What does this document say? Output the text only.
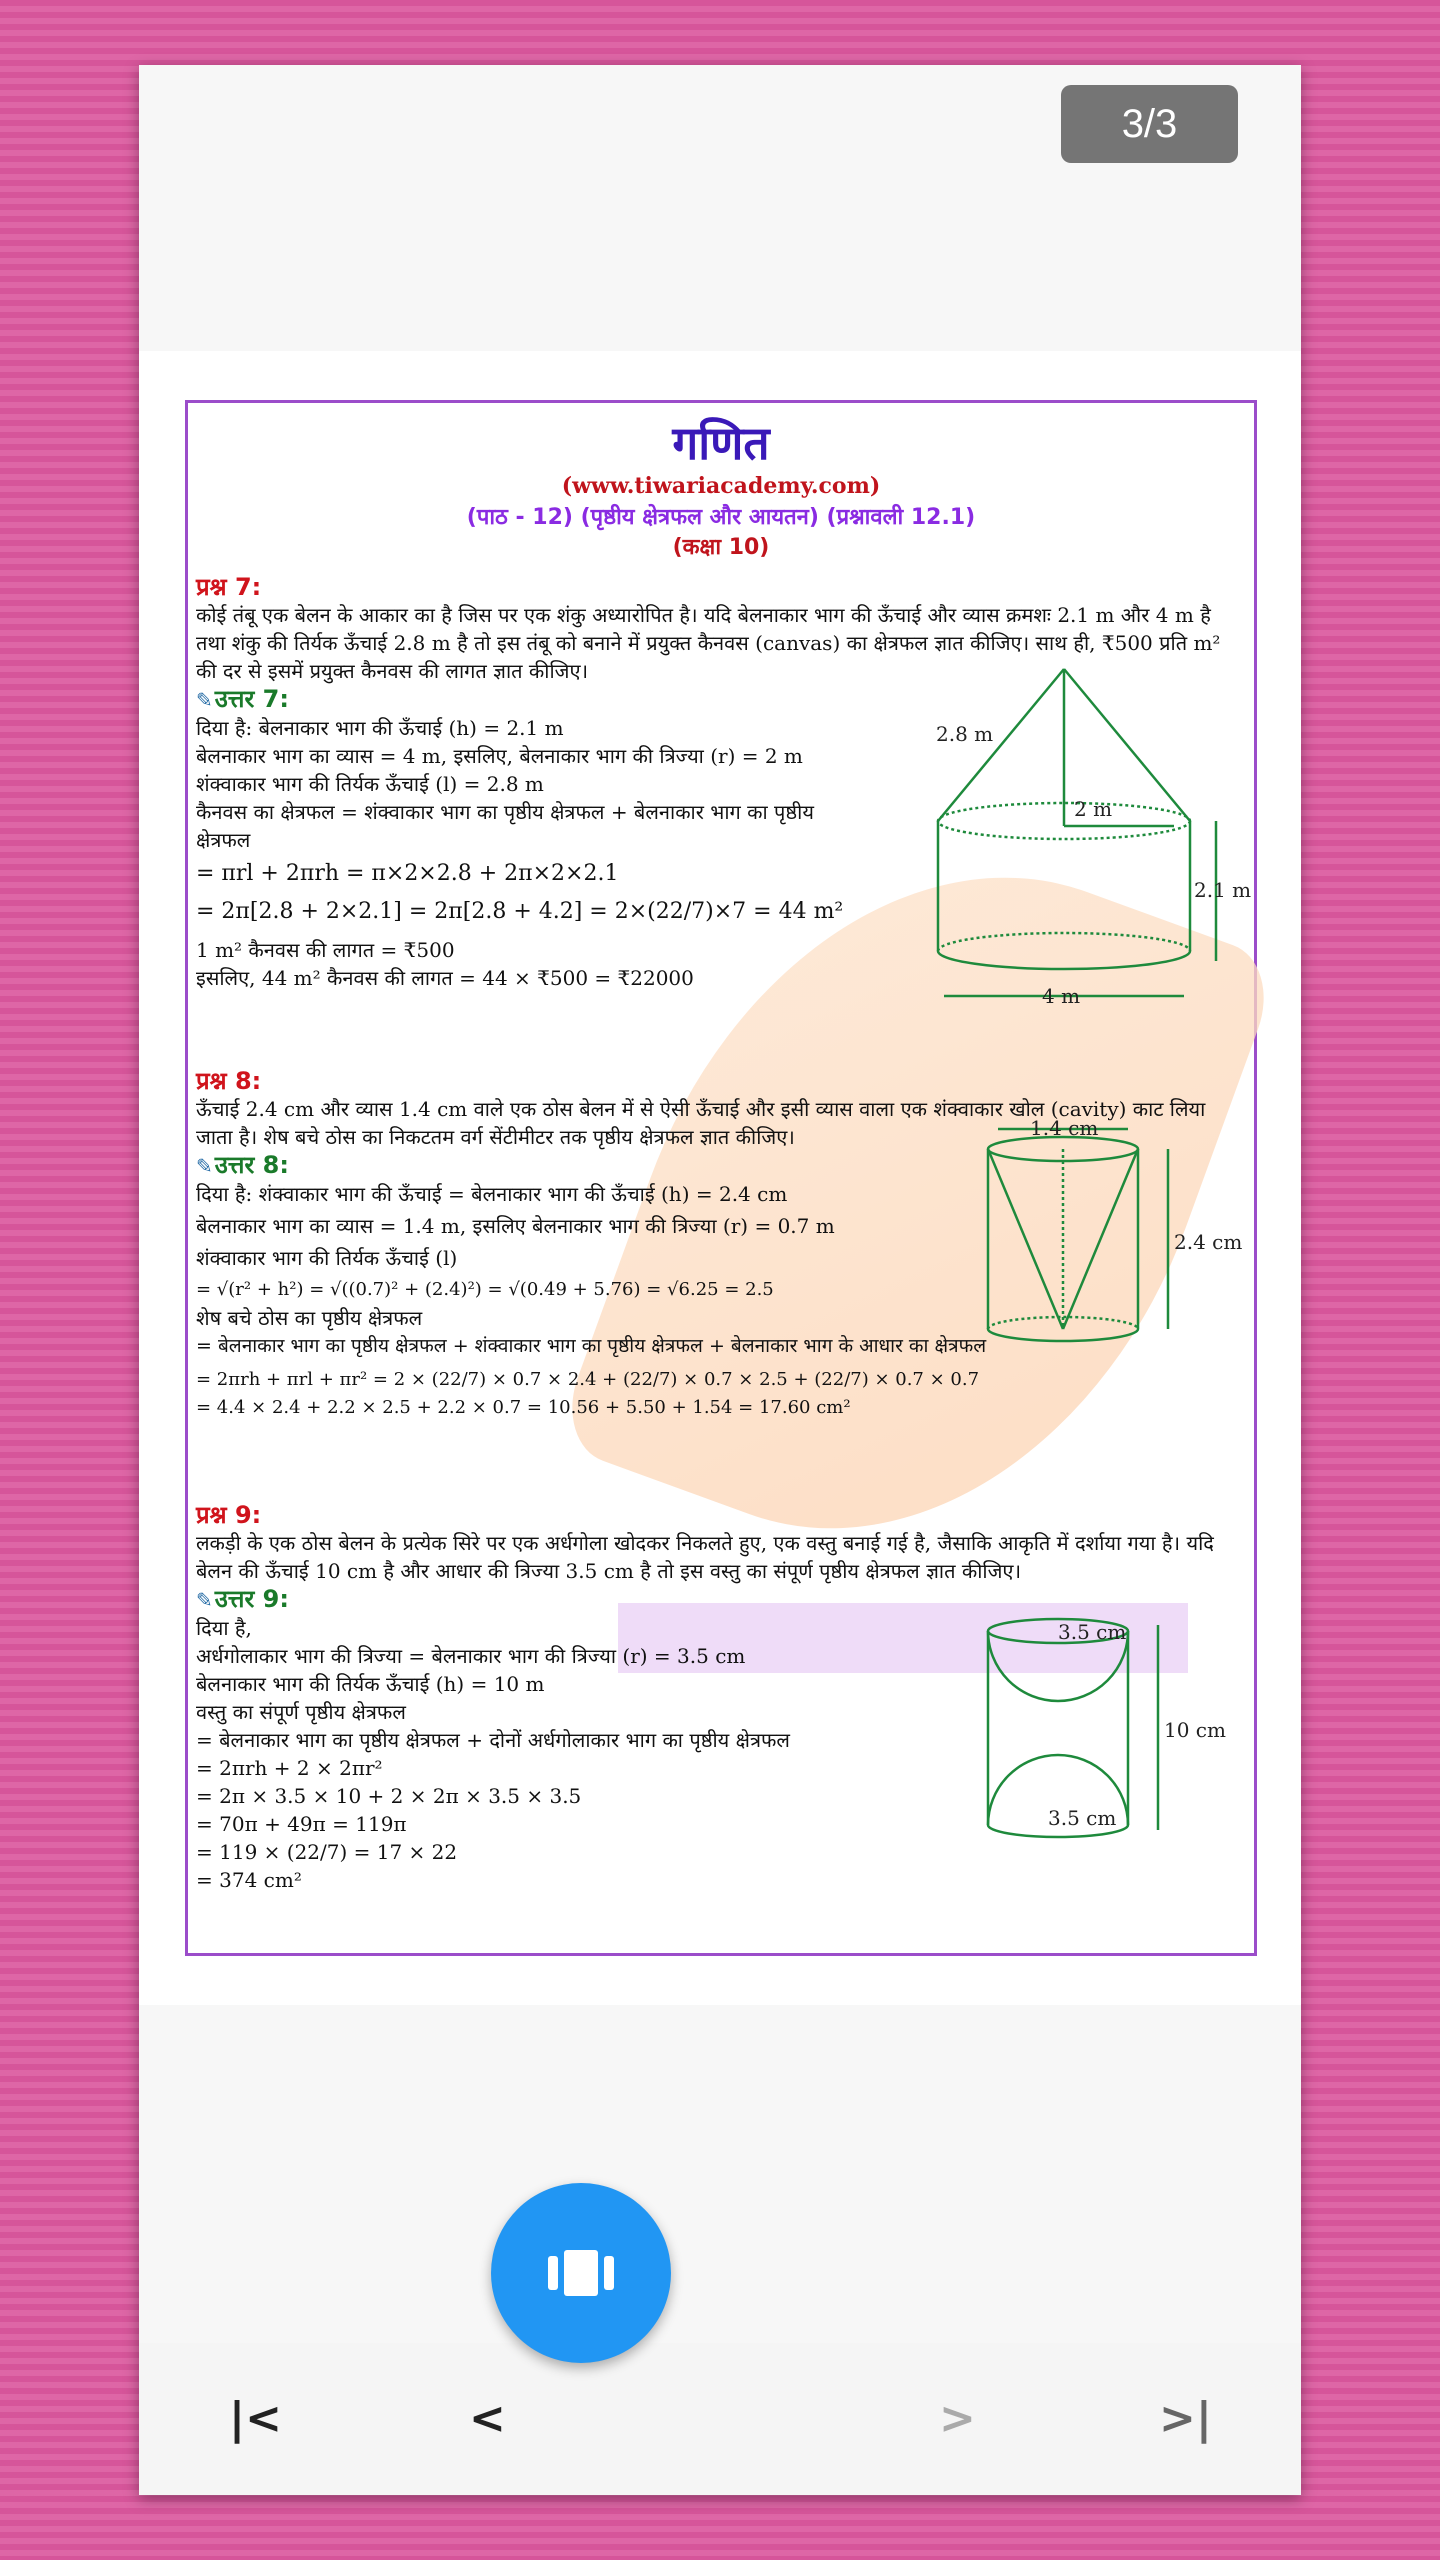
3/3
गणित
(www.tiwariacademy.com)
(पाठ - 12) (पृष्ठीय क्षेत्रफल और आयतन) (प्रश्नावली 12.1)
(कक्षा 10)
प्रश्न 7:
कोई तंबू एक बेलन के आकार का है जिस पर एक शंकु अध्यारोपित है। यदि बेलनाकार भाग की ऊँचाई और व्यास क्रमशः 2.1 m और 4 m है तथा शंकु की तिर्यक ऊँचाई 2.8 m है तो इस तंबू को बनाने में प्रयुक्त कैनवस (canvas) का क्षेत्रफल ज्ञात कीजिए। साथ ही, ₹500 प्रति m² की दर से इसमें प्रयुक्त कैनवस की लागत ज्ञात कीजिए।
✎उत्तर 7:
दिया है: बेलनाकार भाग की ऊँचाई (h) = 2.1 m
बेलनाकार भाग का व्यास = 4 m, इसलिए, बेलनाकार भाग की त्रिज्या (r) = 2 m
शंक्वाकार भाग की तिर्यक ऊँचाई (l) = 2.8 m
कैनवस का क्षेत्रफल = शंक्वाकार भाग का पृष्ठीय क्षेत्रफल + बेलनाकार भाग का पृष्ठीय
क्षेत्रफल
= πrl + 2πrh = π×2×2.8 + 2π×2×2.1
= 2π[2.8 + 2×2.1] = 2π[2.8 + 4.2] = 2×(22/7)×7 = 44 m²
1 m² कैनवस की लागत = ₹500
इसलिए, 44 m² कैनवस की लागत = 44 × ₹500 = ₹22000
2.8 m
2 m
2.1 m
4 m
प्रश्न 8:
ऊँचाई 2.4 cm और व्यास 1.4 cm वाले एक ठोस बेलन में से ऐसी ऊँचाई और इसी व्यास वाला एक शंक्वाकार खोल (cavity) काट लिया जाता है। शेष बचे ठोस का निकटतम वर्ग सेंटीमीटर तक पृष्ठीय क्षेत्रफल ज्ञात कीजिए।
✎उत्तर 8:
दिया है: शंक्वाकार भाग की ऊँचाई = बेलनाकार भाग की ऊँचाई (h) = 2.4 cm
बेलनाकार भाग का व्यास = 1.4 m, इसलिए बेलनाकार भाग की त्रिज्या (r) = 0.7 m
शंक्वाकार भाग की तिर्यक ऊँचाई (l)
= √(r² + h²) = √((0.7)² + (2.4)²) = √(0.49 + 5.76) = √6.25 = 2.5
शेष बचे ठोस का पृष्ठीय क्षेत्रफल
= बेलनाकार भाग का पृष्ठीय क्षेत्रफल + शंक्वाकार भाग का पृष्ठीय क्षेत्रफल + बेलनाकार भाग के आधार का क्षेत्रफल
= 2πrh + πrl + πr² = 2 × (22/7) × 0.7 × 2.4 + (22/7) × 0.7 × 2.5 + (22/7) × 0.7 × 0.7
= 4.4 × 2.4 + 2.2 × 2.5 + 2.2 × 0.7 = 10.56 + 5.50 + 1.54 = 17.60 cm²
1.4 cm
2.4 cm
प्रश्न 9:
लकड़ी के एक ठोस बेलन के प्रत्येक सिरे पर एक अर्धगोला खोदकर निकलते हुए, एक वस्तु बनाई गई है, जैसाकि आकृति में दर्शाया गया है। यदि बेलन की ऊँचाई 10 cm है और आधार की त्रिज्या 3.5 cm है तो इस वस्तु का संपूर्ण पृष्ठीय क्षेत्रफल ज्ञात कीजिए।
✎उत्तर 9:
दिया है,
अर्धगोलाकार भाग की त्रिज्या = बेलनाकार भाग की त्रिज्या (r) = 3.5 cm
बेलनाकार भाग की तिर्यक ऊँचाई (h) = 10 m
वस्तु का संपूर्ण पृष्ठीय क्षेत्रफल
= बेलनाकार भाग का पृष्ठीय क्षेत्रफल + दोनों अर्धगोलाकार भाग का पृष्ठीय क्षेत्रफल
= 2πrh + 2 × 2πr²
= 2π × 3.5 × 10 + 2 × 2π × 3.5 × 3.5
= 70π + 49π = 119π
= 119 × (22/7) = 17 × 22
= 374 cm²
3.5 cm
3.5 cm
10 cm
|<	<	>	>|
